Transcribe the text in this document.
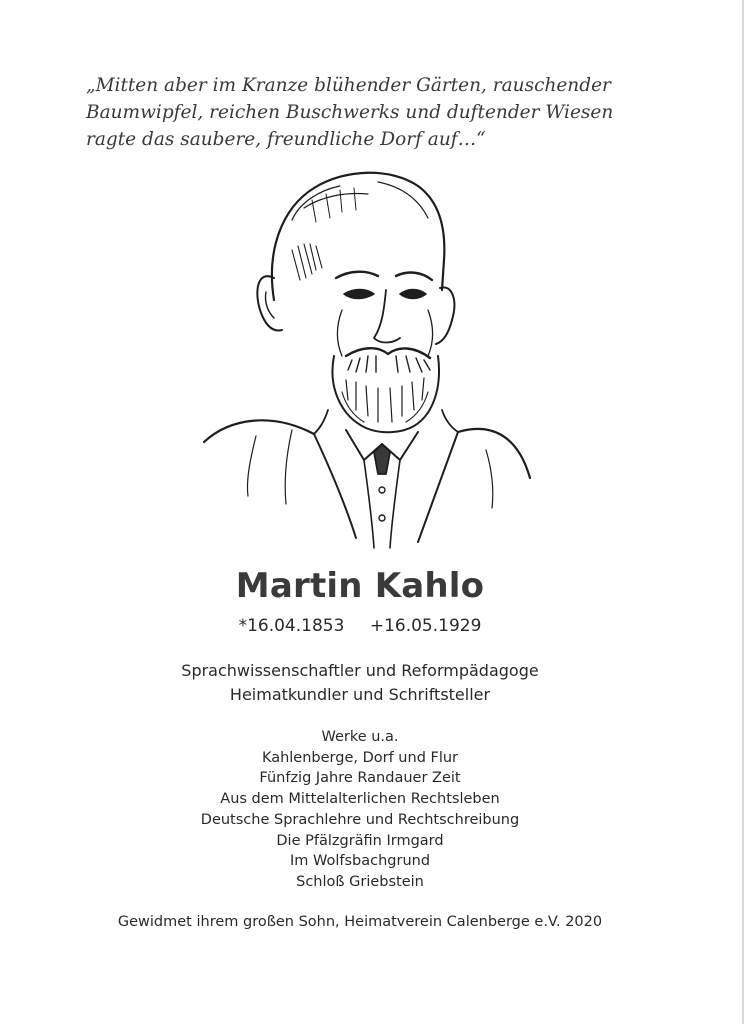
„Mitten aber im Kranze blühender Gärten, rauschender
Baumwipfel, reichen Buschwerks und duftender Wiesen
ragte das saubere, freundliche Dorf auf…“
Martin Kahlo
*16.04.1853 +16.05.1929
Sprachwissenschaftler und Reformpädagoge
Heimatkundler und Schriftsteller
Werke u.a.
Kahlenberge, Dorf und Flur
Fünfzig Jahre Randauer Zeit
Aus dem Mittelalterlichen Rechtsleben
Deutsche Sprachlehre und Rechtschreibung
Die Pfälzgräfin Irmgard
Im Wolfsbachgrund
Schloß Griebstein
Gewidmet ihrem großen Sohn, Heimatverein Calenberge e.V. 2020
